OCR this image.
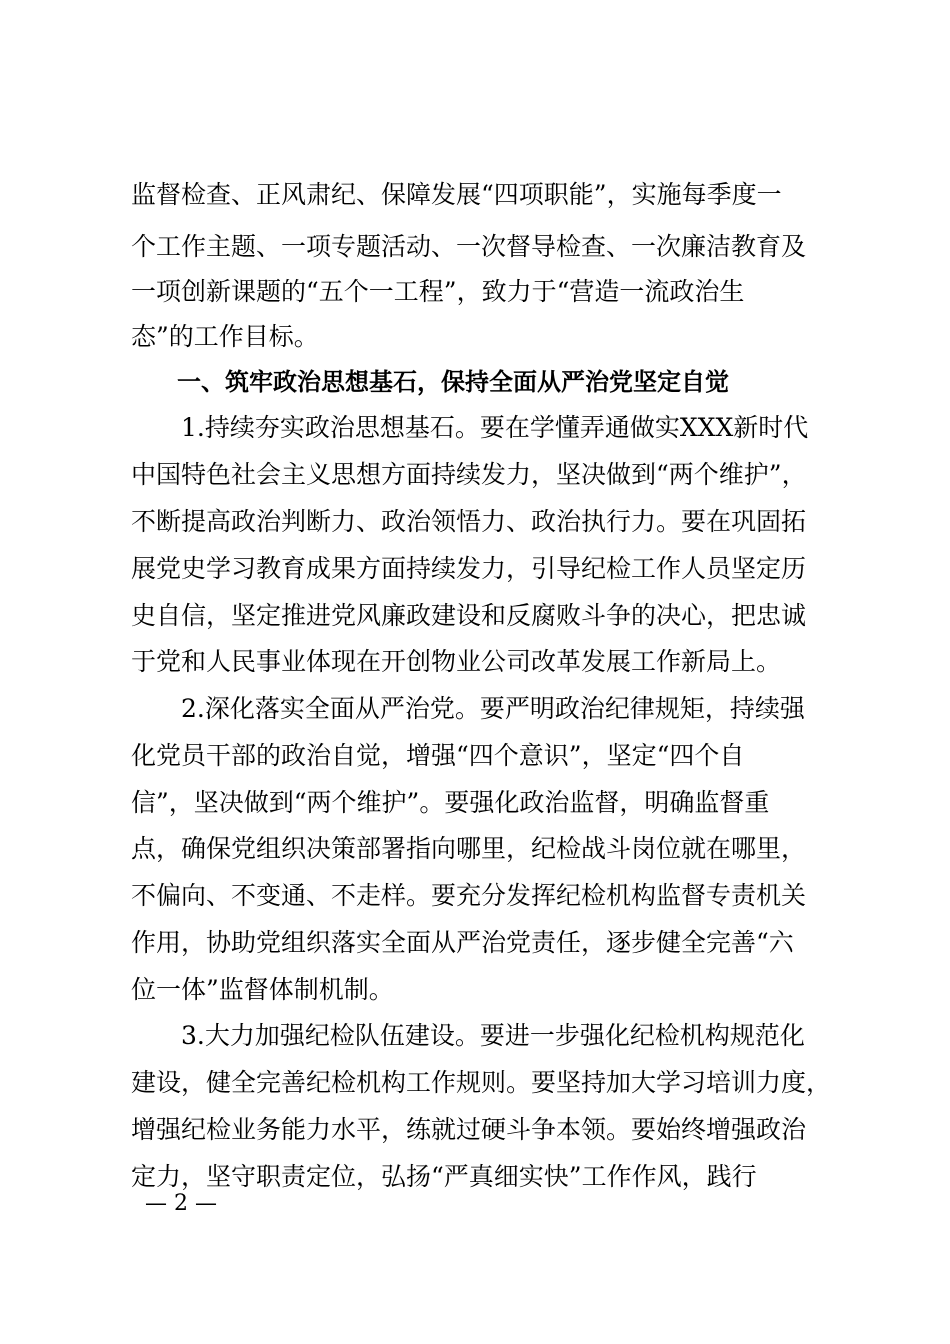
监督检查、正风肃纪、保障发展“四项职能”，实施每季度一
个工作主题、一项专题活动、一次督导检查、一次廉洁教育及
一项创新课题的“五个一工程”，致力于“营造一流政治生
态”的工作目标。
一、筑牢政治思想基石，保持全面从严治党坚定自觉
1.持续夯实政治思想基石。要在学懂弄通做实XXX新时代
中国特色社会主义思想方面持续发力，坚决做到“两个维护”，
不断提高政治判断力、政治领悟力、政治执行力。要在巩固拓
展党史学习教育成果方面持续发力，引导纪检工作人员坚定历
史自信，坚定推进党风廉政建设和反腐败斗争的决心，把忠诚
于党和人民事业体现在开创物业公司改革发展工作新局上。
2.深化落实全面从严治党。要严明政治纪律规矩，持续强
化党员干部的政治自觉，增强“四个意识”，坚定“四个自
信”，坚决做到“两个维护”。要强化政治监督，明确监督重
点，确保党组织决策部署指向哪里，纪检战斗岗位就在哪里，
不偏向、不变通、不走样。要充分发挥纪检机构监督专责机关
作用，协助党组织落实全面从严治党责任，逐步健全完善“六
位一体”监督体制机制。
3.大力加强纪检队伍建设。要进一步强化纪检机构规范化
建设，健全完善纪检机构工作规则。要坚持加大学习培训力度，
增强纪检业务能力水平，练就过硬斗争本领。要始终增强政治
定力，坚守职责定位，弘扬“严真细实快”工作作风，践行
— 2 —
